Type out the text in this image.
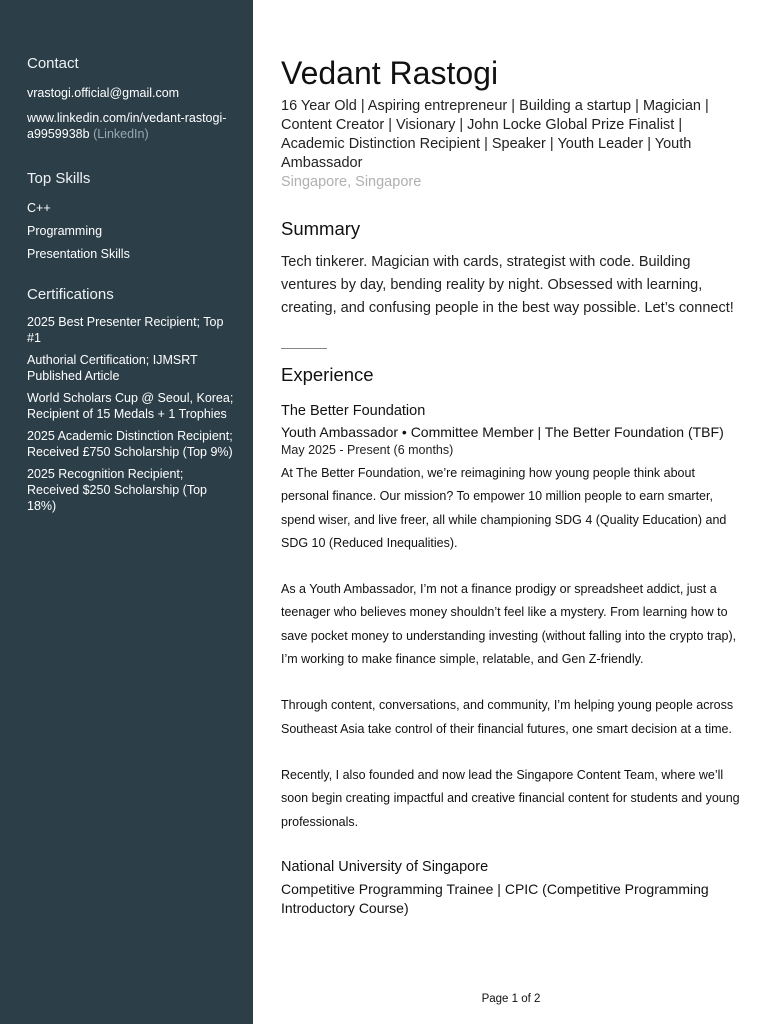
Contact
vrastogi.official@gmail.com
www.linkedin.com/in/vedant-rastogi-a9959938b (LinkedIn)
Top Skills
C++
Programming
Presentation Skills
Certifications
2025 Best Presenter Recipient; Top #1
Authorial Certification; IJMSRT Published Article
World Scholars Cup @ Seoul, Korea; Recipient of 15 Medals + 1 Trophies
2025 Academic Distinction Recipient; Received £750 Scholarship (Top 9%)
2025 Recognition Recipient; Received $250 Scholarship (Top 18%)
Vedant Rastogi

16 Year Old | Aspiring entrepreneur | Building a startup | Magician | Content Creator | Visionary | John Locke Global Prize Finalist | Academic Distinction Recipient | Speaker | Youth Leader | Youth Ambassador

Singapore, Singapore

Summary

Tech tinkerer. Magician with cards, strategist with code. Building ventures by day, bending reality by night. Obsessed with learning, creating, and confusing people in the best way possible. Let’s connect!

Experience

The Better Foundation

Youth Ambassador • Committee Member | The Better Foundation (TBF)

May 2025 - Present (6 months)

At The Better Foundation, we’re reimagining how young people think about personal finance. Our mission? To empower 10 million people to earn smarter, spend wiser, and live freer, all while championing SDG 4 (Quality Education) and SDG 10 (Reduced Inequalities).

As a Youth Ambassador, I’m not a finance prodigy or spreadsheet addict, just a teenager who believes money shouldn’t feel like a mystery. From learning how to save pocket money to understanding investing (without falling into the crypto trap), I’m working to make finance simple, relatable, and Gen Z-friendly.

Through content, conversations, and community, I’m helping young people across Southeast Asia take control of their financial futures, one smart decision at a time.

Recently, I also founded and now lead the Singapore Content Team, where we’ll soon begin creating impactful and creative financial content for students and young professionals.

National University of Singapore

Competitive Programming Trainee | CPIC (Competitive Programming Introductory Course)

Page 1 of 2
